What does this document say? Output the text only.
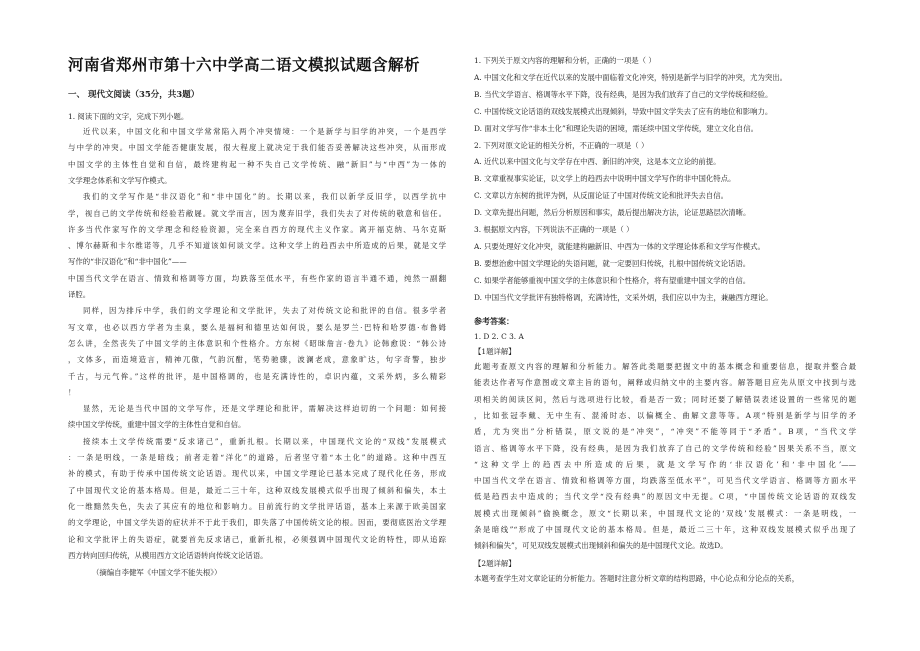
河南省郑州市第十六中学高二语文模拟试题含解析
一、 现代文阅读（35分，共3题）
1. 阅读下面的文字，完成下列小题。
近代以来，中国文化和中国文学常常陷入两个冲突情境：一个是新学与旧学的冲突，一个是西学
与中学的冲突。中国文学能否健康发展，很大程度上就决定于我们能否妥善解决这些冲突，从而形成
中国文学的主体性自觉和自信，最终建构起一种不失自己文学传统、融“新旧”与“中西”为一体的
文学理念体系和文学写作模式。
我们的文学写作是“非汉语化”和“非中国化”的。长期以来，我们以新学反旧学，以西学抗中
学，视自己的文学传统和经验若敝屣。就文学而言，因为蔑弃旧学，我们失去了对传统的敬意和信任。
许多当代作家写作的文学理念和经验资源，完全来自西方的现代主义作家。离开福克纳、马尔克斯
、博尔赫斯和卡尔维诺等，几乎不知道该如何谈文学。这种文学上的趋西去中所造成的后果，就是文学
写作的“非汉语化”和“非中国化”——
中国当代文学在语言、情致和格调等方面，均跌落至低水平，有些作家的语言半通不通，纯然一副翻
译腔。
同样，因为排斥中学，我们的文学理论和文学批评，失去了对传统文论和批评的自信。很多学者
写文章，也必以西方学者为圭臬，要么是福柯和德里达如何说，要么是罗兰·巴特和哈罗德·布鲁姆
怎么讲，全然丧失了中国文学的主体意识和个性格介。方东树《昭昧詹言·卷九》论韩愈说：“韩公诗
，文体多，而造境造言，精神兀傲，气韵沉酣，笔势驰骤，波澜老成，意象旷达，句字奇警，独步
千古，与元气侔。”这样的批评，是中国格调的，也是充满诗性的，卓识内蕴，文采外炳，多么精彩
！
显然，无论是当代中国的文学写作，还是文学理论和批评，需解决这样迫切的一个问题：如何接
续中国文学传统，重建中国文学的主体性自觉和自信。
接续本土文学传统需要“反求诸己”，重新扎根。长期以来，中国现代文论的“双线”发展模式
：一条是明线，一条是暗线；前者走着“洋化”的道路，后者坚守着“本土化”的道路。这种中西互
补的模式，有助于传承中国传统文论话语。现代以来，中国文学理论已基本完成了现代化任务，形成
了中国现代文论的基本格局。但是，最近二三十年，这种双线发展模式似乎出现了倾斜和偏失，本土
化一维黯然失色，失去了其应有的地位和影响力。目前流行的文学批评话语，基本上来源于欧美国家
的文学理论，中国文学失语的症状并不于此于我们，即失落了中国传统文论的根。因而，要彻底医治文学理
论和文学批评上的失语症，就要首先反求诸己，重新扎根，必须强调中国现代文论的特性，即从追踪
西方转向回归传统，从模用西方文论话语转向传统文论话语。
（摘编自李健军《中国文学不能失根》）
1. 下列关于原文内容的理解和分析，正确的一项是（ ）
A. 中国文化和文学在近代以来的发展中面临着文化冲突，特别是新学与旧学的冲突，尤为突出。
B. 当代文学语言、格调等水平下降，没有经典，是因为我们放弃了自己的文学传统和经验。
C. 中国传统文论话语的双线发展模式出现倾斜，导致中国文学失去了应有的地位和影响力。
D. 面对文学写作“非本土化”和理论失语的困境，需延续中国文学传统，建立文化自信。
2. 下列对原文论证的相关分析，不正确的一项是（ ）
A. 近代以来中国文化与文学存在中西、新旧的冲突，这是本文立论的前提。
B. 文章重视事实论证，以文学上的趋西去中说明中国文学写作的非中国化特点。
C. 文章以方东树的批评为例，从反面论证了中国对传统文论和批评失去自信。
D. 文章先提出问题，然后分析原因和事实，最后提出解决方法，论证思路层次清晰。
3. 根据原文内容，下列说法不正确的一项是（ ）
A. 只要处理好文化冲突，就能建构融新旧、中西为一体的文学理论体系和文学写作模式。
B. 要想治愈中国文学理论的失语问题，就一定要回归传统，扎根中国传统文论话语。
C. 如果学者能够重视中国文学的主体意识和个性格介，将有望重建中国文学的自信。
D. 中国当代文学批评有独特格调，充满诗性，文采外炳，我们应以中为主，兼融西方理论。
参考答案：
1. D 2. C 3. A
【1题详解】
此题考查原文内容的理解和分析能力。解答此类题要把握文中的基本概念和重要信息，提取并整合最
能表达作者写作意图或文章主旨的语句，阐释或归纳文中的主要内容。解答题目应先从原文中找到与选
项相关的阅读区间，然后与选项进行比较，看是否一致；同时还要了解错误表述设置的一些常见的题
，比如张冠李戴、无中生有、混淆时态、以偏概全、曲解文意等等。A项“特别是新学与旧学的矛
盾，尤为突出”分析错误，原文说的是“冲突”，“冲突”不能等同于“矛盾”。B项，“当代文学
语言、格调等水平下降，没有经典，是因为我们放弃了自己的文学传统和经验”因果关系不当，原文
“这种文学上的趋西去中所造成的后果，就是文学写作的‘非汉语化’和‘非中国化’——
中国当代文学在语言、情致和格调等方面，均跌落至低水平”，可见当代文学语言、格调等方面水平
低是趋西去中造成的；当代文学“没有经典”的原因文中无提。C项，“中国传统文论话语的双线发
展模式出现倾斜”偷换概念，原文“长期以来，中国现代文论的‘双线’发展模式：一条是明线，一
条是暗线”“形成了中国现代文论的基本格局。但是，最近二三十年，这种双线发展模式似乎出现了
倾斜和偏失”，可见双线发展模式出现倾斜和偏失的是中国现代文论。故选D。
【2题详解】
本题考查学生对文章论证的分析能力。答题时注意分析文章的结构思路，中心论点和分论点的关系，
